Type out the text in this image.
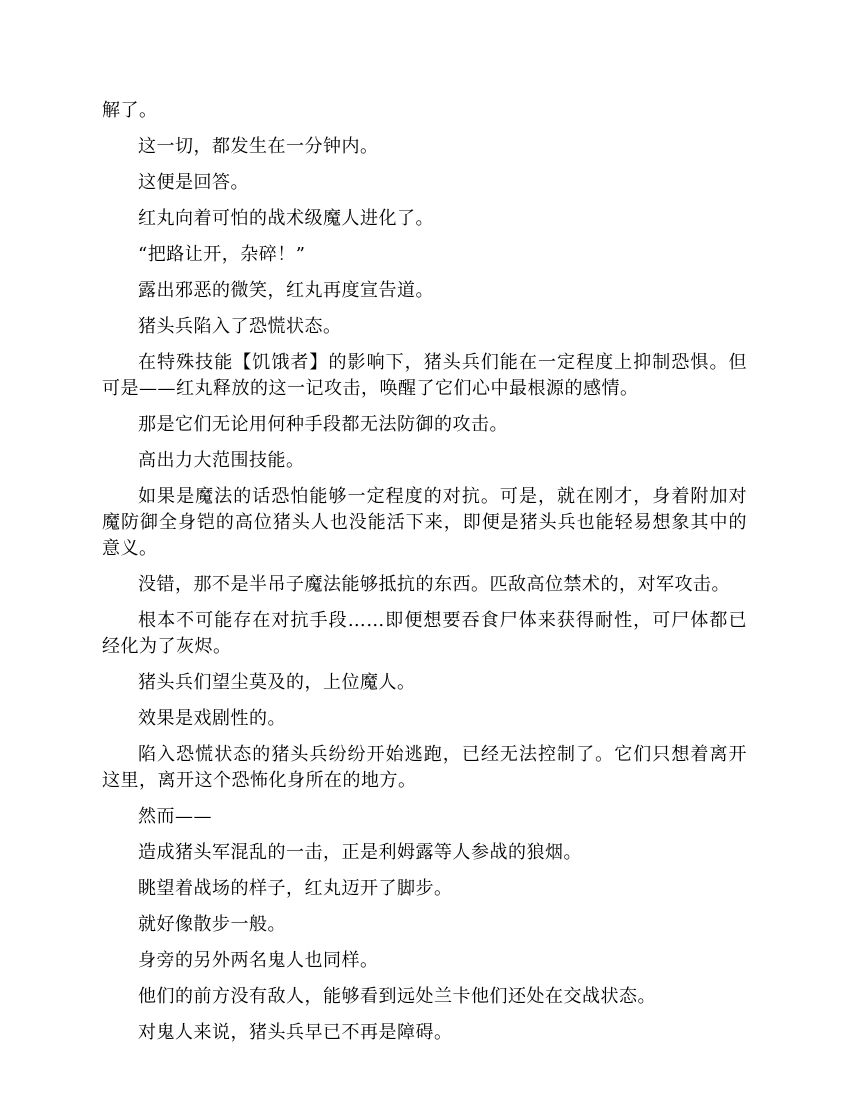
解了。

这一切，都发生在一分钟内。

这便是回答。

红丸向着可怕的战术级魔人进化了。

“把路让开，杂碎！”

露出邪恶的微笑，红丸再度宣告道。

猪头兵陷入了恐慌状态。

在特殊技能【饥饿者】的影响下，猪头兵们能在一定程度上抑制恐惧。但可是——红丸释放的这一记攻击，唤醒了它们心中最根源的感情。

那是它们无论用何种手段都无法防御的攻击。

高出力大范围技能。

如果是魔法的话恐怕能够一定程度的对抗。可是，就在刚才，身着附加对魔防御全身铠的高位猪头人也没能活下来，即便是猪头兵也能轻易想象其中的意义。

没错，那不是半吊子魔法能够抵抗的东西。匹敌高位禁术的，对军攻击。

根本不可能存在对抗手段……即便想要吞食尸体来获得耐性，可尸体都已经化为了灰烬。

猪头兵们望尘莫及的，上位魔人。

效果是戏剧性的。

陷入恐慌状态的猪头兵纷纷开始逃跑，已经无法控制了。它们只想着离开这里，离开这个恐怖化身所在的地方。

然而——

造成猪头军混乱的一击，正是利姆露等人参战的狼烟。

眺望着战场的样子，红丸迈开了脚步。

就好像散步一般。

身旁的另外两名鬼人也同样。

他们的前方没有敌人，能够看到远处兰卡他们还处在交战状态。

对鬼人来说，猪头兵早已不再是障碍。
